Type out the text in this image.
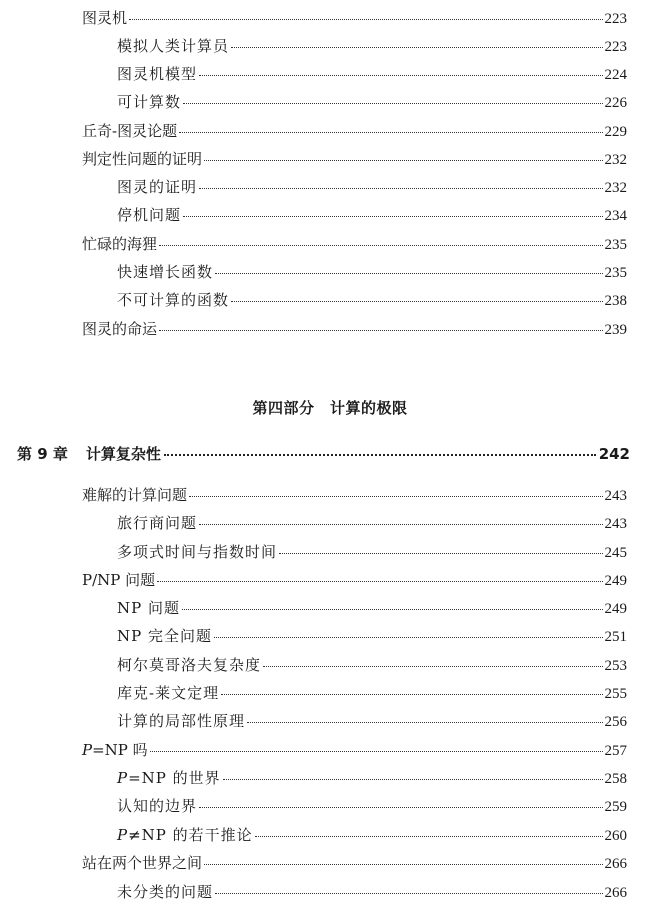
图灵机	223
模拟人类计算员	223
图灵机模型	224
可计算数	226
丘奇-图灵论题	229
判定性问题的证明	232
图灵的证明	232
停机问题	234
忙碌的海狸	235
快速增长函数	235
不可计算的函数	238
图灵的命运	239
第四部分　计算的极限
第 9 章 计算复杂性	242
难解的计算问题	243
旅行商问题	243
多项式时间与指数时间	245
P/NP 问题	249
NP 问题	249
NP 完全问题	251
柯尔莫哥洛夫复杂度	253
库克-莱文定理	255
计算的局部性原理	256
P=NP 吗	257
P=NP 的世界	258
认知的边界	259
P≠NP 的若干推论	260
站在两个世界之间	266
未分类的问题	266
